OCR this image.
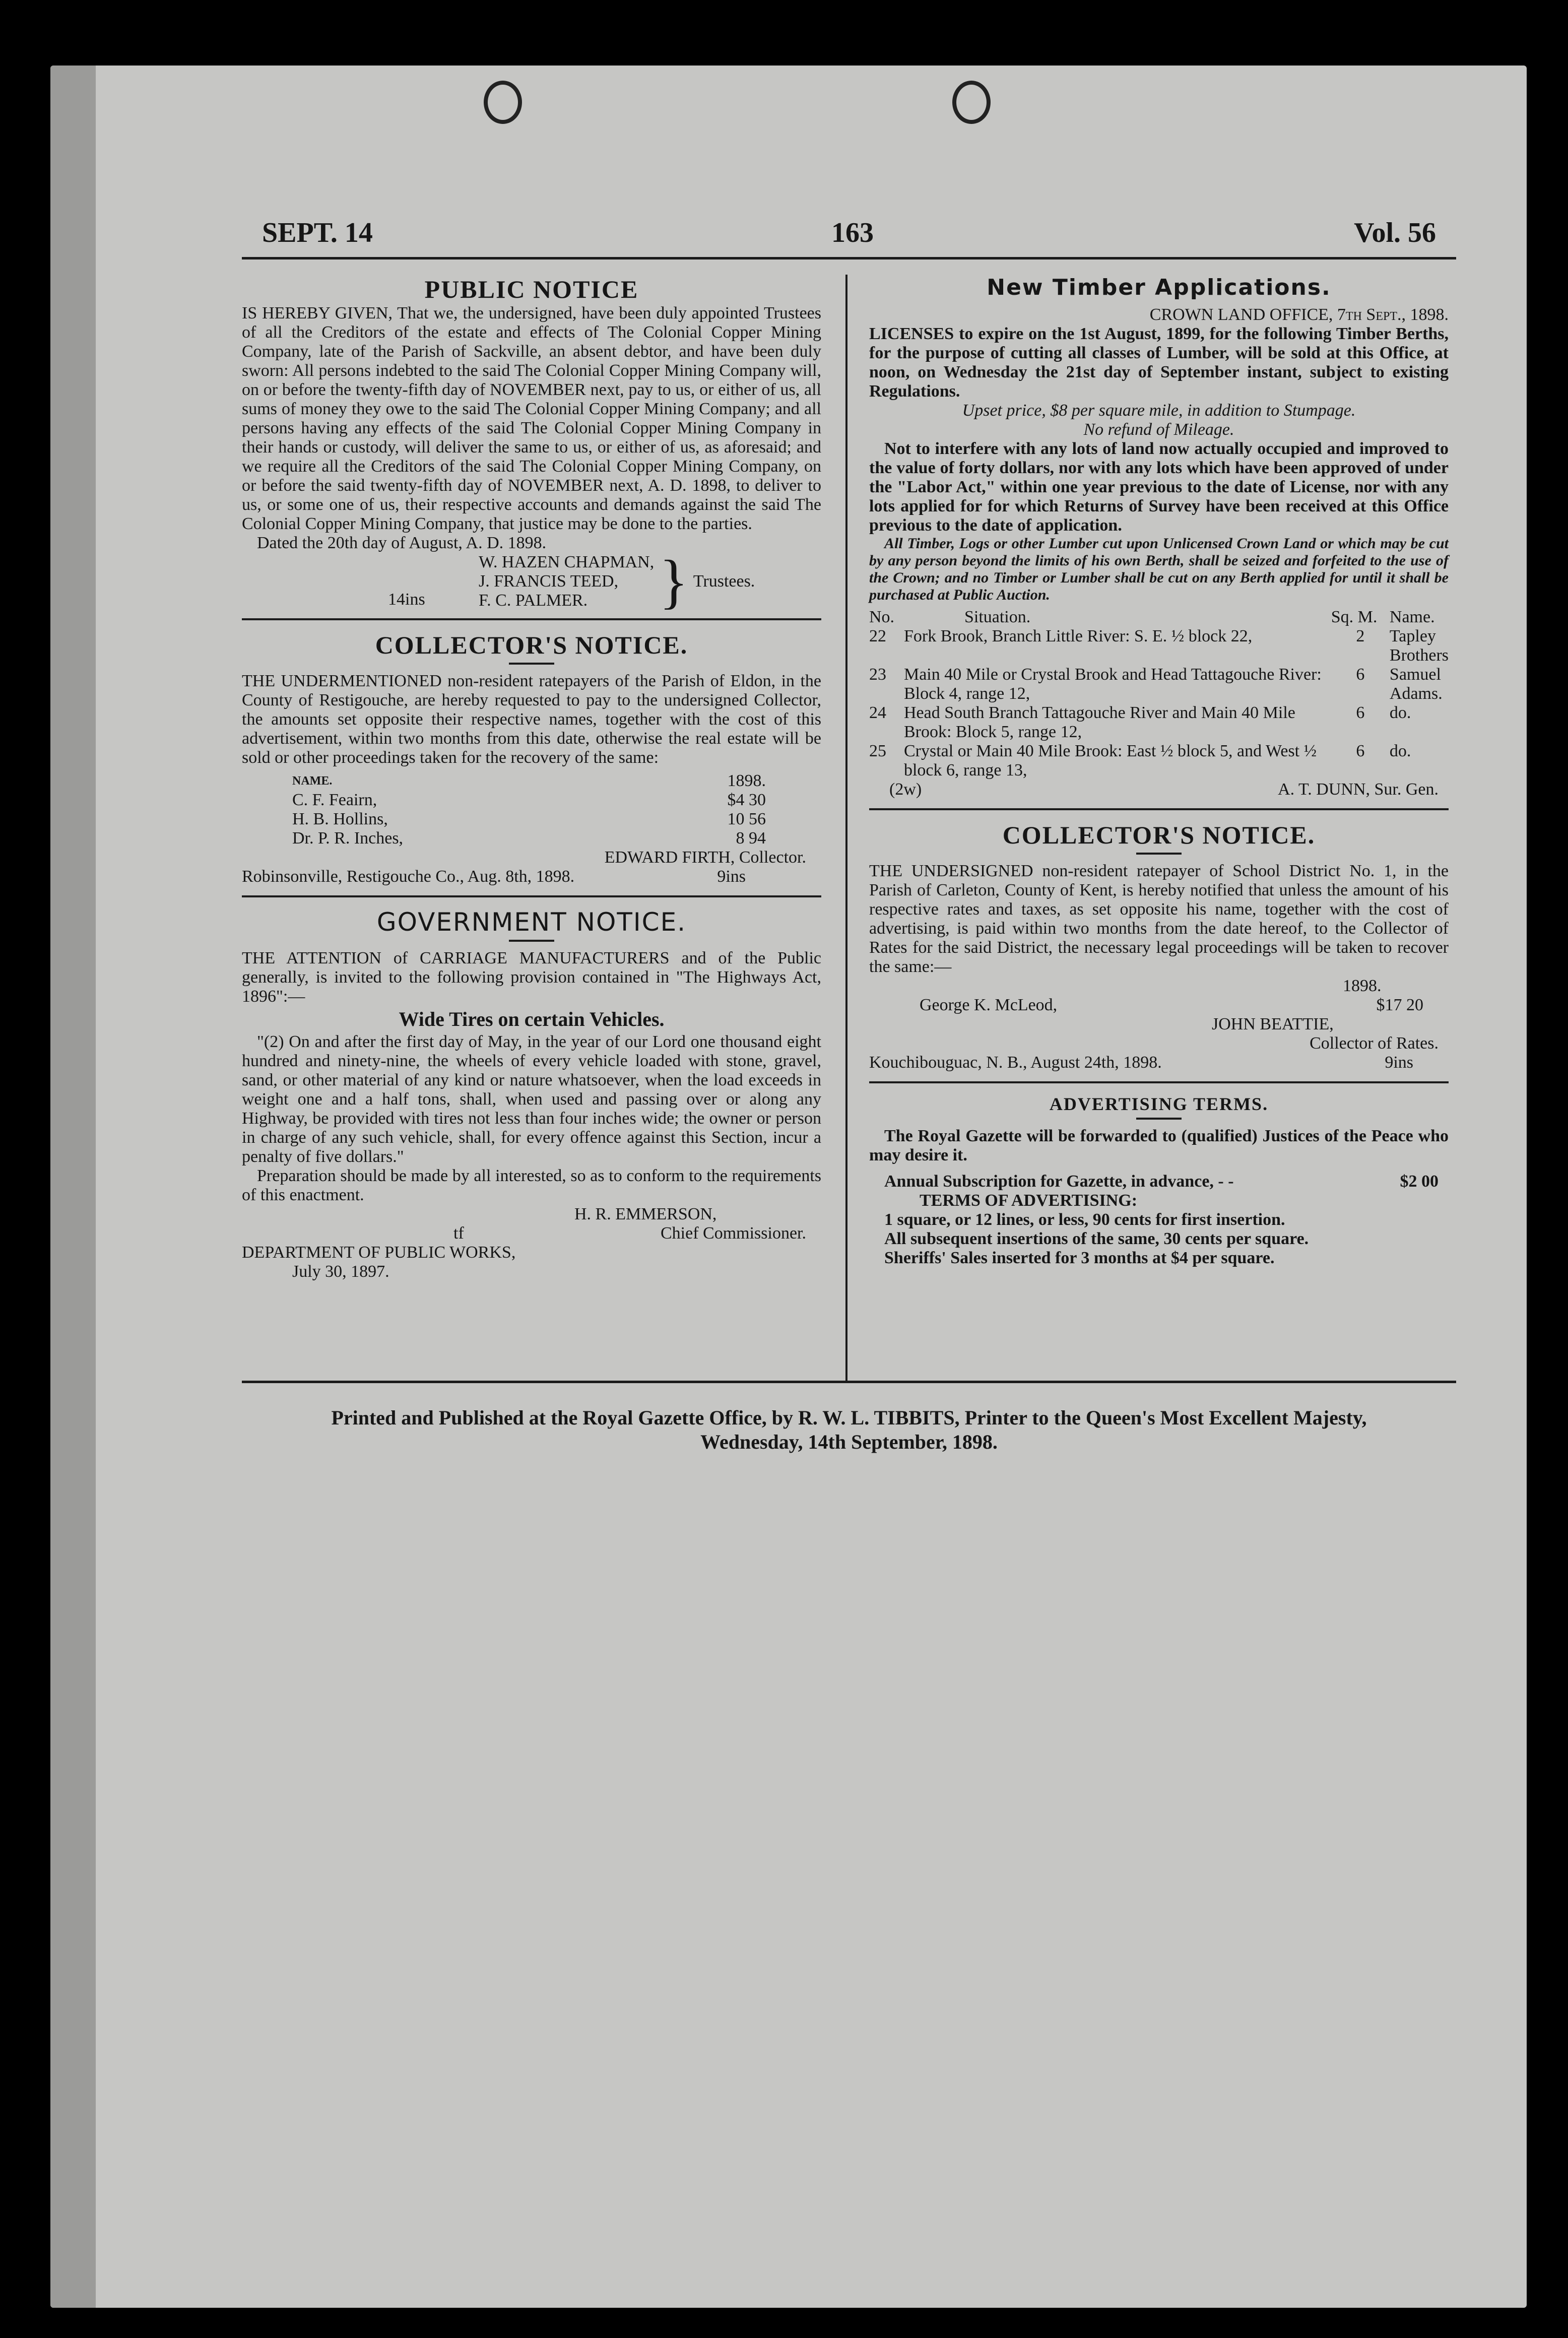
SEPT. 14	163	Vol. 56
PUBLIC NOTICE

IS HEREBY GIVEN, That we, the undersigned, have been duly appointed Trustees of all the Creditors of the estate and effects of The Colonial Copper Mining Company, late of the Parish of Sackville, an absent debtor, and have been duly sworn: All persons indebted to the said The Colonial Copper Mining Company will, on or before the twenty-fifth day of NOVEMBER next, pay to us, or either of us, all sums of money they owe to the said The Colonial Copper Mining Company; and all persons having any effects of the said The Colonial Copper Mining Company in their hands or custody, will deliver the same to us, or either of us, as aforesaid; and we require all the Creditors of the said The Colonial Copper Mining Company, on or before the said twenty-fifth day of NOVEMBER next, A. D. 1898, to deliver to us, or some one of us, their respective accounts and demands against the said The Colonial Copper Mining Company, that justice may be done to the parties.

Dated the 20th day of August, A. D. 1898.

W. HAZEN CHAPMAN,
J. FRANCIS TEED,
F. C. PALMER.	} Trustees.
14ins
COLLECTOR'S NOTICE.

THE UNDERMENTIONED non-resident ratepayers of the Parish of Eldon, in the County of Restigouche, are hereby requested to pay to the undersigned Collector, the amounts set opposite their respective names, together with the cost of this advertisement, within two months from this date, otherwise the real estate will be sold or other proceedings taken for the recovery of the same:

NAME.	1898.
C. F. Feairn,	$4 30
H. B. Hollins,	10 56
Dr. P. R. Inches,	8 94

EDWARD FIRTH, Collector.

Robinsonville, Restigouche Co., Aug. 8th, 1898.	9ins
GOVERNMENT NOTICE.

THE ATTENTION of CARRIAGE MANUFACTURERS and of the Public generally, is invited to the following provision contained in "The Highways Act, 1896":—

Wide Tires on certain Vehicles.

"(2) On and after the first day of May, in the year of our Lord one thousand eight hundred and ninety-nine, the wheels of every vehicle loaded with stone, gravel, sand, or other material of any kind or nature whatsoever, when the load exceeds in weight one and a half tons, shall, when used and passing over or along any Highway, be provided with tires not less than four inches wide; the owner or person in charge of any such vehicle, shall, for every offence against this Section, incur a penalty of five dollars."

Preparation should be made by all interested, so as to conform to the requirements of this enactment.

H. R. EMMERSON,
tf	Chief Commissioner.
DEPARTMENT OF PUBLIC WORKS,
July 30, 1897.
New Timber Applications.
CROWN LAND OFFICE, 7th Sept., 1898.

LICENSES to expire on the 1st August, 1899, for the following Timber Berths, for the purpose of cutting all classes of Lumber, will be sold at this Office, at noon, on Wednesday the 21st day of September instant, subject to existing Regulations.

Upset price, $8 per square mile, in addition to Stumpage.
No refund of Mileage.

Not to interfere with any lots of land now actually occupied and improved to the value of forty dollars, nor with any lots which have been approved of under the "Labor Act," within one year previous to the date of License, nor with any lots applied for for which Returns of Survey have been received at this Office previous to the date of application.

All Timber, Logs or other Lumber cut upon Unlicensed Crown Land or which may be cut by any person beyond the limits of his own Berth, shall be seized and forfeited to the use of the Crown; and no Timber or Lumber shall be cut on any Berth applied for until it shall be purchased at Public Auction.

No.	Situation.	Sq. M.	Name.
22	Fork Brook, Branch Little River: S. E. ½ block 22,	2	Tapley Brothers
23	Main 40 Mile or Crystal Brook and Head Tattagouche River: Block 4, range 12,	6	Samuel Adams.
24	Head South Branch Tattagouche River and Main 40 Mile Brook: Block 5, range 12,	6	do.
25	Crystal or Main 40 Mile Brook: East ½ block 5, and West ½ block 6, range 13,	6	do.
(2w)	A. T. DUNN, Sur. Gen.
COLLECTOR'S NOTICE.

THE UNDERSIGNED non-resident ratepayer of School District No. 1, in the Parish of Carleton, County of Kent, is hereby notified that unless the amount of his respective rates and taxes, as set opposite his name, together with the cost of advertising, is paid within two months from the date hereof, to the Collector of Rates for the said District, the necessary legal proceedings will be taken to recover the same:—

1898.
George K. McLeod,	$17 20
JOHN BEATTIE,
Collector of Rates.
Kouchibouguac, N. B., August 24th, 1898.	9ins
ADVERTISING TERMS.

The Royal Gazette will be forwarded to (qualified) Justices of the Peace who may desire it.

Annual Subscription for Gazette, in advance, - -	$2 00
TERMS OF ADVERTISING:
1 square, or 12 lines, or less, 90 cents for first insertion.
All subsequent insertions of the same, 30 cents per square.
Sheriffs' Sales inserted for 3 months at $4 per square.
Printed and Published at the Royal Gazette Office, by R. W. L. TIBBITS, Printer to the Queen's Most Excellent Majesty,
Wednesday, 14th September, 1898.
